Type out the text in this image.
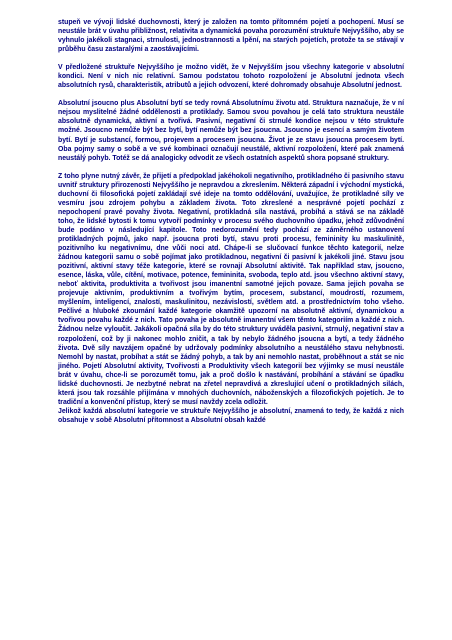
stupeň ve vývoji lidské duchovnosti, který je založen na tomto přítomném pojetí a pochopení. Musí se neustále brát v úvahu přibližnost, relativita a dynamická povaha porozumění struktuře Nejvyššího, aby se vyhnulo jakékoli stagnaci, strnulosti, jednostrannosti a lpění, na starých pojetích, protože ta se stávají v průběhu času zastaralými a zaostávajícími.

V předložené struktuře Nejvyššího je možno vidět, že v Nejvyšším jsou všechny kategorie v absolutní kondici. Není v nich nic relativní. Samou podstatou tohoto rozpoložení je Absolutní jednota všech absolutních rysů, charakteristik, atributů a jejich odvození, které dohromady obsahuje Absolutní jednost.

Absolutní jsoucno plus Absolutní bytí se tedy rovná Absolutnímu životu atd. Struktura naznačuje, že v ní nejsou myslitelné žádné oddělenosti a protiklady. Samou svou povahou je celá tato struktura neustále absolutně dynamická, aktivní a tvořivá. Pasivní, negativní či strnulé kondice nejsou v této struktuře možné. Jsoucno nemůže být bez bytí, bytí nemůže být bez jsoucna. Jsoucno je esencí a samým životem bytí. Bytí je substancí, formou, projevem a procesem jsoucna. Život je ze stavu jsoucna procesem bytí. Oba pojmy samy o sobě a ve své kombinaci označují neustálé, aktivní rozpoložení, které pak znamená neustálý pohyb. Totéž se dá analogicky odvodit ze všech ostatních aspektů shora popsané struktury.

Z toho plyne nutný závěr, že přijetí a předpoklad jakéhokoli negativního, protikladného či pasivního stavu uvnitř struktury přirozenosti Nejvyššího je nepravdou a zkreslením. Některá západní i východní mystická, duchovní či filosofická pojetí zakládají své ideje na tomto oddělování, uvažujíce, že protikladné síly ve vesmíru jsou zdrojem pohybu a základem života. Toto zkreslené a nesprávné pojetí pochází z nepochopení pravé povahy života. Negativní, protikladná síla nastává, probíhá a stává se na základě toho, že lidské bytosti k tomu vytvoří podmínky v procesu svého duchovního úpadku, jehož zdůvodnění bude podáno v následující kapitole. Toto nedorozumění tedy pochází ze záměrného ustanovení protikladných pojmů, jako např. jsoucna proti bytí, stavu proti procesu, femininity ku maskulinitě, pozitivního ku negativnímu, dne vůči noci atd. Chápe-li se slučovací funkce těchto kategorií, nelze žádnou kategorii samu o sobě pojímat jako protikladnou, negativní či pasivní k jakékoli jiné. Stavu jsou pozitivní, aktivní stavy téže kategorie, které se rovnají Absolutní aktivitě. Tak například stav, jsoucno, esence, láska, vůle, cítění, motivace, potence, femininita, svoboda, teplo atd. jsou všechno aktivní stavy, neboť aktivita, produktivita a tvořivost jsou imanentní samotné jejich povaze. Sama jejich povaha se projevuje aktivním, produktivním a tvořivým bytím, procesem, substancí, moudrostí, rozumem, myšlením, inteligencí, znalostí, maskulinitou, nezávislostí, světlem atd. a prostřednictvím toho všeho. Pečlivé a hluboké zkoumání každé kategorie okamžitě upozorní na absolutně aktivní, dynamickou a tvořivou povahu každé z nich. Tato povaha je absolutně imanentní všem těmto kategoriím a každé z nich. Žádnou nelze vyloučit. Jakákoli opačná síla by do této struktury uváděla pasivní, strnulý, negativní stav a rozpoložení, což by ji nakonec mohlo zničit, a tak by nebylo žádného jsoucna a bytí, a tedy žádného života. Dvě síly navzájem opačné by udržovaly podmínky absolutního a neustálého stavu nehybnosti. Nemohl by nastat, probíhat a stát se žádný pohyb, a tak by ani nemohlo nastat, proběhnout a stát se nic jiného. Pojetí Absolutní aktivity, Tvořivosti a Produktivity všech kategorií bez výjimky se musí neustále brát v úvahu, chce-li se porozumět tomu, jak a proč došlo k nastávání, probíhání a stávání se úpadku lidské duchovnosti. Je nezbytné nebrat na zřetel nepravdivá a zkreslující učení o protikladných silách, která jsou tak rozsáhle přijímána v mnohých duchovních, náboženských a filozofických pojetích. Je to tradiční a konvenční přístup, který se musí navždy zcela odložit.
Jelikož každá absolutní kategorie ve struktuře Nejvyššího je absolutní, znamená to tedy, že každá z nich obsahuje v sobě Absolutní přítomnost a Absolutní obsah každé
